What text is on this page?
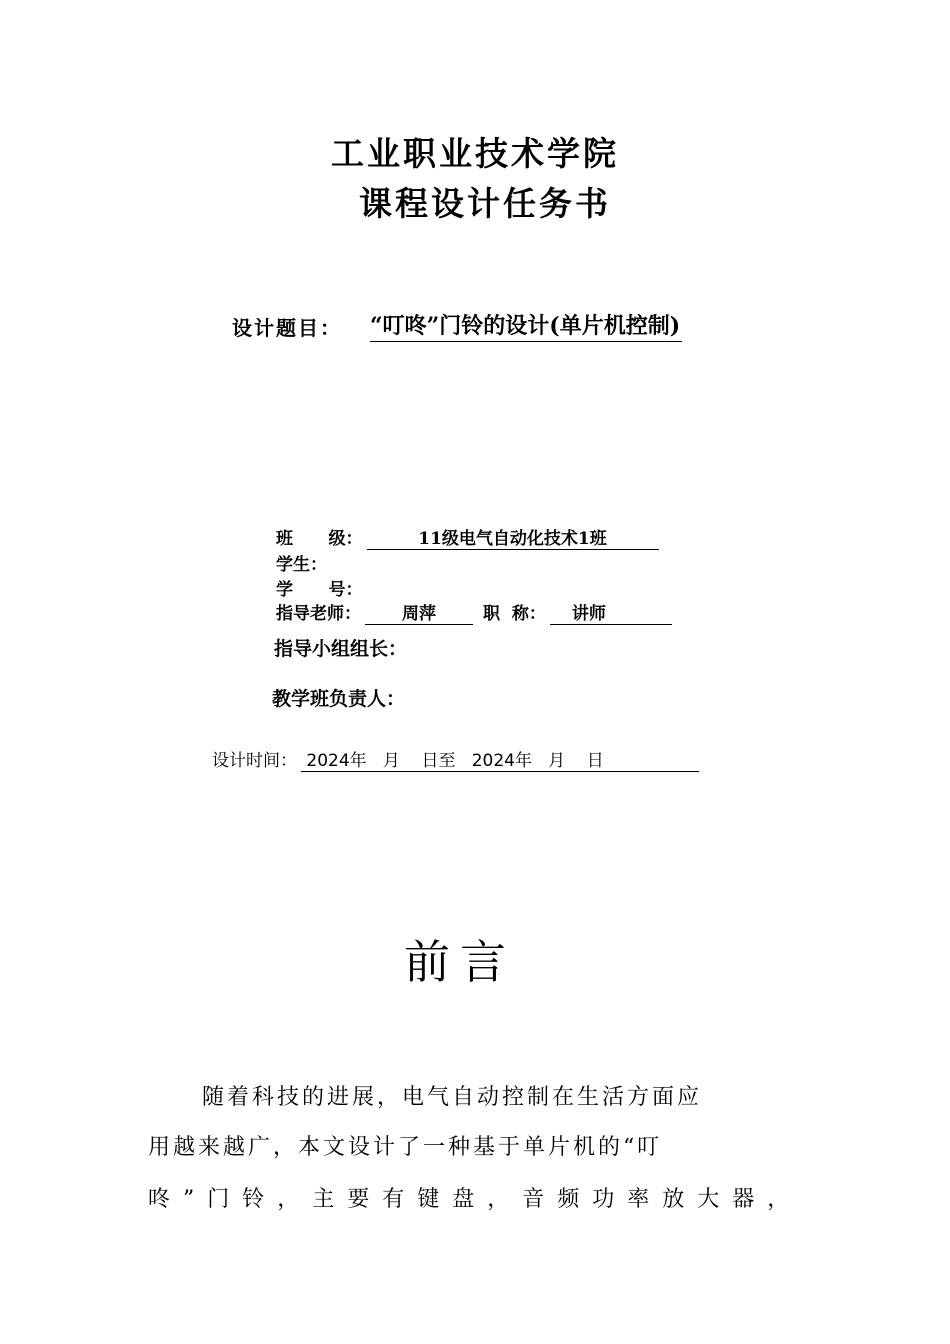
工业职业技术学院
课程设计任务书
设计题目： “叮咚”门铃的设计(单片机控制)
班      级：	11级电气自动化技术1班
学生：
学      号：
指导老师： 周萍	职  称： 讲师
指导小组组长：
教学班负责人：
设计时间： 2024年   月    日至   2024年   月    日
前言
随着科技的进展，电气自动控制在生活方面应
用越来越广，本文设计了一种基于单片机的“叮
咚”门铃，主要有键盘，音频功率放大器，
